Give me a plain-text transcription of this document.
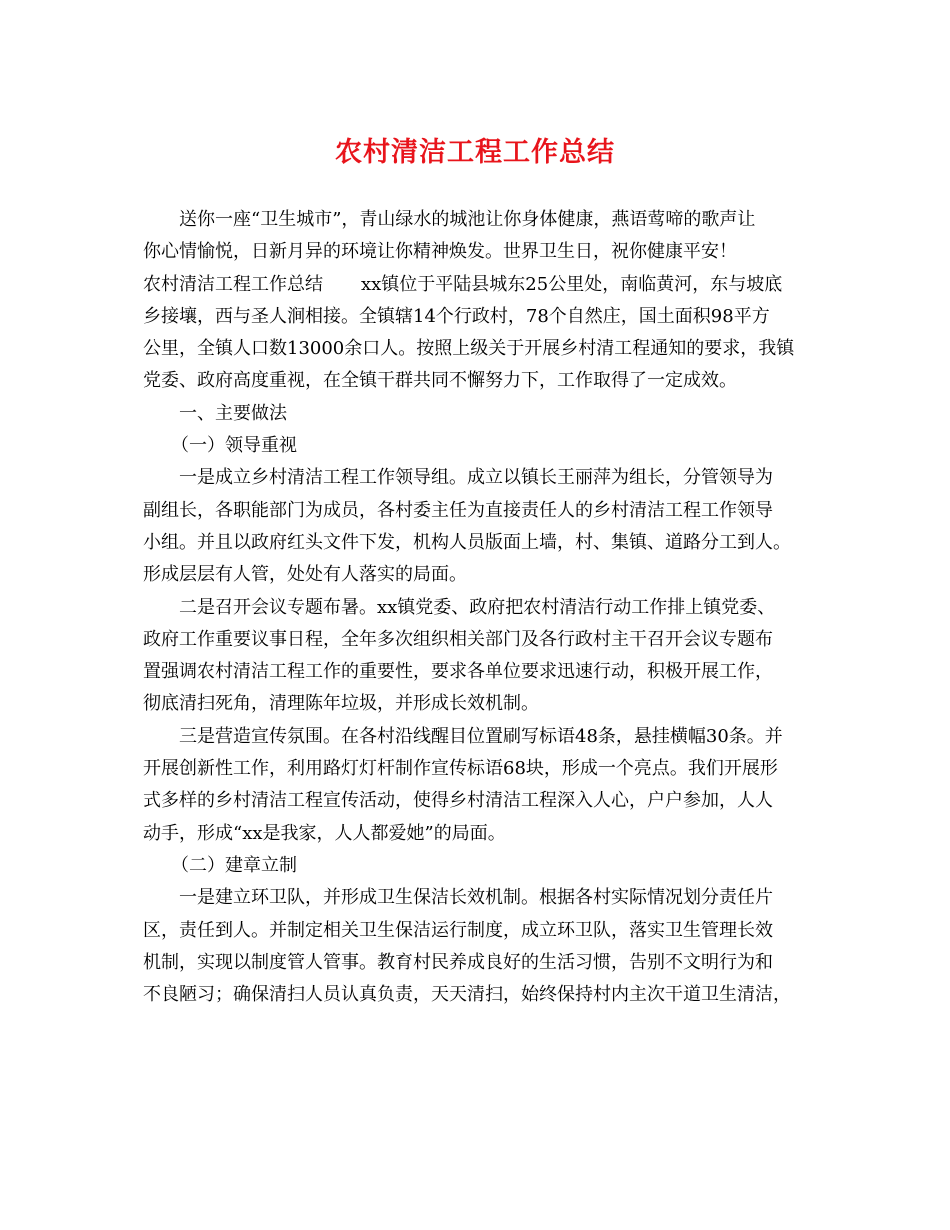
农村清洁工程工作总结

送你一座“卫生城市”，青山绿水的城池让你身体健康，燕语莺啼的歌声让

你心情愉悦，日新月异的环境让你精神焕发。世界卫生日，祝你健康平安！

农村清洁工程工作总结 xx镇位于平陆县城东25公里处，南临黄河，东与坡底

乡接壤，西与圣人涧相接。全镇辖14个行政村，78个自然庄，国土面积98平方

公里，全镇人口数13000余口人。按照上级关于开展乡村清工程通知的要求，我镇

党委、政府高度重视，在全镇干群共同不懈努力下，工作取得了一定成效。

一、主要做法

（一）领导重视

一是成立乡村清洁工程工作领导组。成立以镇长王丽萍为组长，分管领导为

副组长，各职能部门为成员，各村委主任为直接责任人的乡村清洁工程工作领导

小组。并且以政府红头文件下发，机构人员版面上墙，村、集镇、道路分工到人。

形成层层有人管，处处有人落实的局面。

二是召开会议专题布暑。xx镇党委、政府把农村清洁行动工作排上镇党委、

政府工作重要议事日程，全年多次组织相关部门及各行政村主干召开会议专题布

置强调农村清洁工程工作的重要性，要求各单位要求迅速行动，积极开展工作，

彻底清扫死角，清理陈年垃圾，并形成长效机制。

三是营造宣传氛围。在各村沿线醒目位置刷写标语48条，悬挂横幅30条。并

开展创新性工作，利用路灯灯杆制作宣传标语68块，形成一个亮点。我们开展形

式多样的乡村清洁工程宣传活动，使得乡村清洁工程深入人心，户户参加，人人

动手，形成“xx是我家，人人都爱她”的局面。

（二）建章立制

一是建立环卫队，并形成卫生保洁长效机制。根据各村实际情况划分责任片

区，责任到人。并制定相关卫生保洁运行制度，成立环卫队，落实卫生管理长效

机制，实现以制度管人管事。教育村民养成良好的生活习惯，告别不文明行为和

不良陋习；确保清扫人员认真负责，天天清扫，始终保持村内主次干道卫生清洁，
